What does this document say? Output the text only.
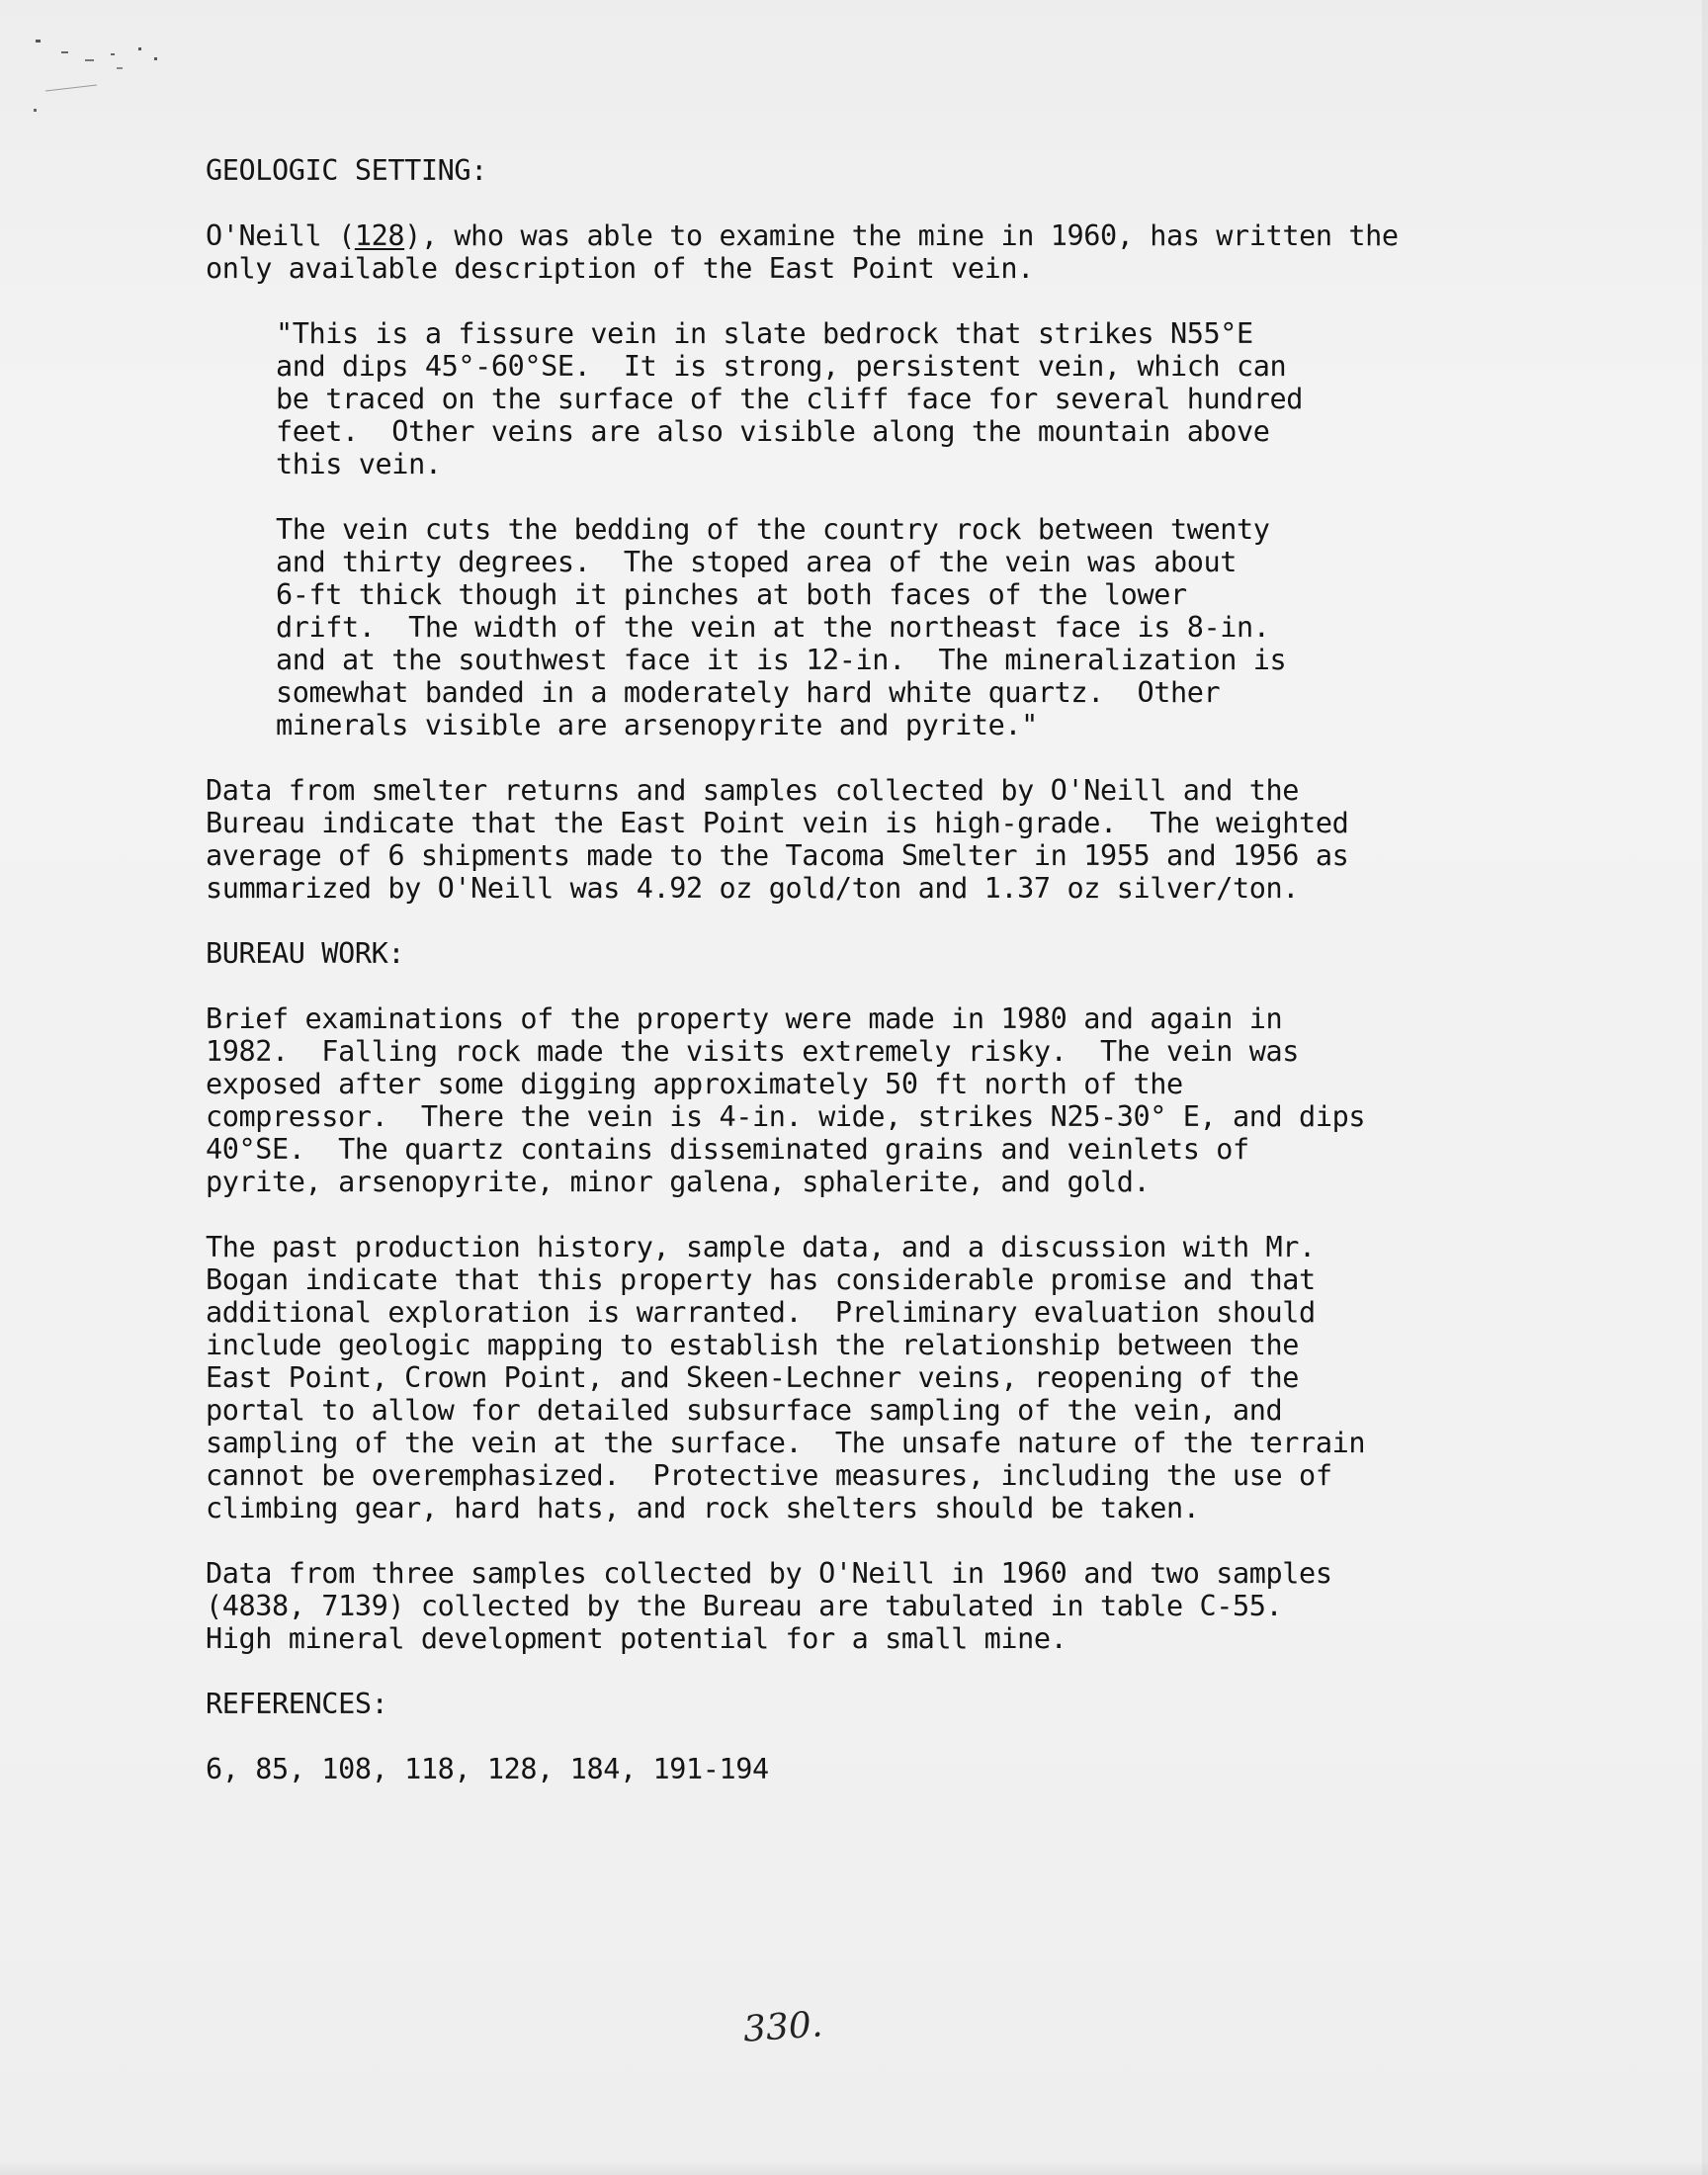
GEOLOGIC SETTING:
O'Neill (128), who was able to examine the mine in 1960, has written the
only available description of the East Point vein.
"This is a fissure vein in slate bedrock that strikes N55°E
and dips 45°-60°SE.  It is strong, persistent vein, which can
be traced on the surface of the cliff face for several hundred
feet.  Other veins are also visible along the mountain above
this vein.
The vein cuts the bedding of the country rock between twenty
and thirty degrees.  The stoped area of the vein was about
6-ft thick though it pinches at both faces of the lower
drift.  The width of the vein at the northeast face is 8-in.
and at the southwest face it is 12-in.  The mineralization is
somewhat banded in a moderately hard white quartz.  Other
minerals visible are arsenopyrite and pyrite."
Data from smelter returns and samples collected by O'Neill and the
Bureau indicate that the East Point vein is high-grade.  The weighted
average of 6 shipments made to the Tacoma Smelter in 1955 and 1956 as
summarized by O'Neill was 4.92 oz gold/ton and 1.37 oz silver/ton.
BUREAU WORK:
Brief examinations of the property were made in 1980 and again in
1982.  Falling rock made the visits extremely risky.  The vein was
exposed after some digging approximately 50 ft north of the
compressor.  There the vein is 4-in. wide, strikes N25-30° E, and dips
40°SE.  The quartz contains disseminated grains and veinlets of
pyrite, arsenopyrite, minor galena, sphalerite, and gold.
The past production history, sample data, and a discussion with Mr.
Bogan indicate that this property has considerable promise and that
additional exploration is warranted.  Preliminary evaluation should
include geologic mapping to establish the relationship between the
East Point, Crown Point, and Skeen-Lechner veins, reopening of the
portal to allow for detailed subsurface sampling of the vein, and
sampling of the vein at the surface.  The unsafe nature of the terrain
cannot be overemphasized.  Protective measures, including the use of
climbing gear, hard hats, and rock shelters should be taken.
Data from three samples collected by O'Neill in 1960 and two samples
(4838, 7139) collected by the Bureau are tabulated in table C-55.
High mineral development potential for a small mine.
REFERENCES:
6, 85, 108, 118, 128, 184, 191-194
330.
